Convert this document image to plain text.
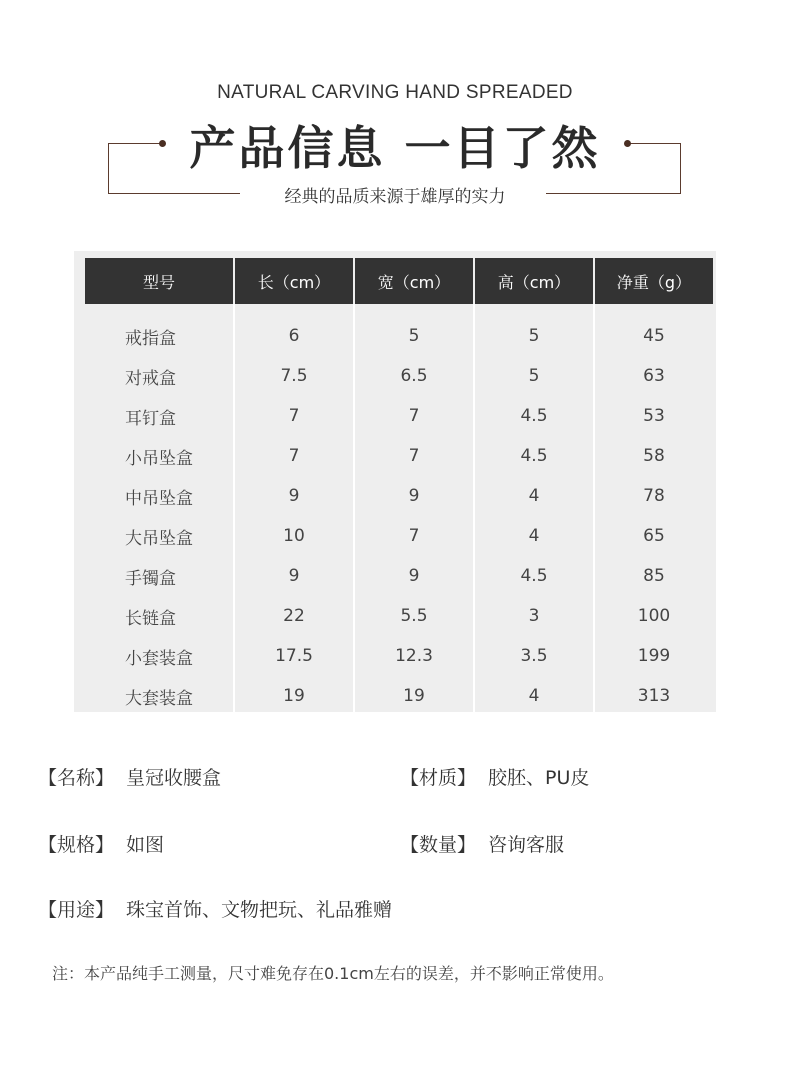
NATURAL CARVING HAND SPREADED
产品信息 一目了然
经典的品质来源于雄厚的实力
型号	长（cm）	宽（cm）	高（cm）	净重（g）
戒指盒	6	5	5	45
对戒盒	7.5	6.5	5	63
耳钉盒	7	7	4.5	53
小吊坠盒	7	7	4.5	58
中吊坠盒	9	9	4	78
大吊坠盒	10	7	4	65
手镯盒	9	9	4.5	85
长链盒	22	5.5	3	100
小套装盒	17.5	12.3	3.5	199
大套装盒	19	19	4	313
【名称】 皇冠收腰盒	【材质】 胶胚、PU皮
【规格】 如图	【数量】 咨询客服
【用途】 珠宝首饰、文物把玩、礼品雅赠
注：本产品纯手工测量，尺寸难免存在0.1cm左右的误差，并不影响正常使用。
